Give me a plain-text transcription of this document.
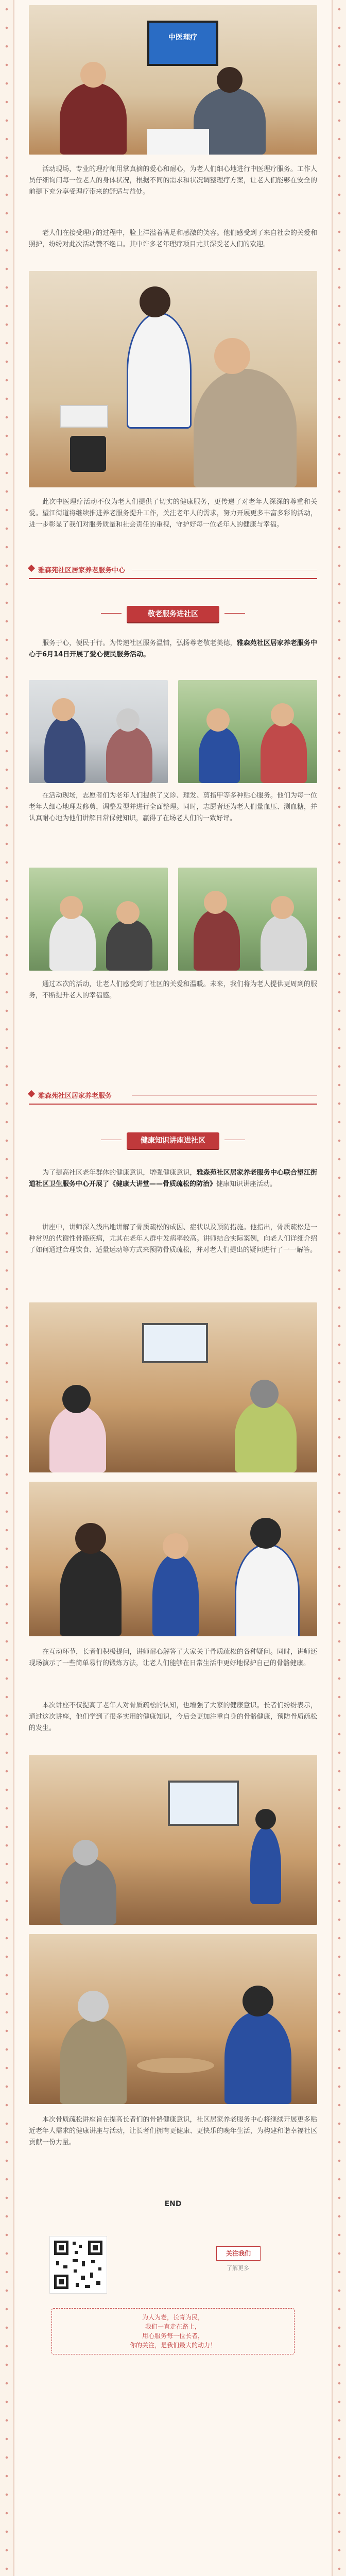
中医理疗
活动现场，专业的理疗师用掌真摘的爱心和耐心，为老人们细心地进行中医理疗服务。工作人员仔细询问每一位老人的身体状况，根据不同的需求和状况调整理疗方案，让老人们能够在安全的前提下充分享受理疗带来的舒适与益处。
老人们在接受理疗的过程中，脸上洋溢着满足和感激的笑容。他们感受到了来自社会的关爱和照护，纷纷对此次活动赞不绝口。其中许多老年理疗项目尤其深受老人们的欢迎。
此次中医理疗活动不仅为老人们提供了切实的健康服务，更传递了对老年人深深的尊重和关爱。望江街道将继续推进养老服务提升工作，关注老年人的需求，努力开展更多丰富多彩的活动，进一步彰显了我们对服务质量和社会责任的重视，守护好每一位老年人的健康与幸福。
雅森苑社区居家养老服务中心
敬老服务进社区
服务于心，便民于行。为传递社区服务温情，弘扬尊老敬老美德，雅森苑社区居家养老服务中心于6月14日开展了爱心便民服务活动。
在活动现场，志愿者们为老年人们提供了义诊、理发、剪指甲等多种贴心服务。他们为每一位老年人细心地理发修剪，调整发型并进行全面整理。同时，志愿者还为老人们量血压、测血糖，并认真耐心地为他们讲解日常保健知识，赢得了在场老人们的一致好评。
通过本次的活动，让老人们感受到了社区的关爱和温暖。未来，我们将为老人提供更周到的服务，不断提升老人的幸福感。
雅森苑社区居家养老服务
健康知识讲座进社区
为了提高社区老年群体的健康意识，增强健康意识，雅森苑社区居家养老服务中心联合望江街道社区卫生服务中心开展了《健康大讲堂——骨质疏松的防治》健康知识讲座活动。
讲座中，讲师深入浅出地讲解了骨质疏松的成因、症状以及预防措施。他指出，骨质疏松是一种常见的代谢性骨骼疾病，尤其在老年人群中发病率较高。讲师结合实际案例，向老人们详细介绍了如何通过合理饮食、适量运动等方式来预防骨质疏松，并对老人们提出的疑问进行了一一解答。
在互动环节，长者们积极提问，讲师耐心解答了大家关于骨质疏松的各种疑问。同时，讲师还现场演示了一些简单易行的锻炼方法，让老人们能够在日常生活中更好地保护自己的骨骼健康。
本次讲座不仅提高了老年人对骨质疏松的认知，也增强了大家的健康意识。长者们纷纷表示，通过这次讲座，他们学到了很多实用的健康知识，今后会更加注重自身的骨骼健康，预防骨质疏松的发生。
本次骨质疏松讲座旨在提高长者们的骨骼健康意识，社区居家养老服务中心将继续开展更多贴近老年人需求的健康讲座与活动，让长者们拥有更健康、更快乐的晚年生活，为构建和谐幸福社区贡献一份力量。
END
关注我们
了解更多
为人为老，长青为民，
我们一直走在路上，
用心服务每一位长者，
你的关注，是我们最大的动力！
